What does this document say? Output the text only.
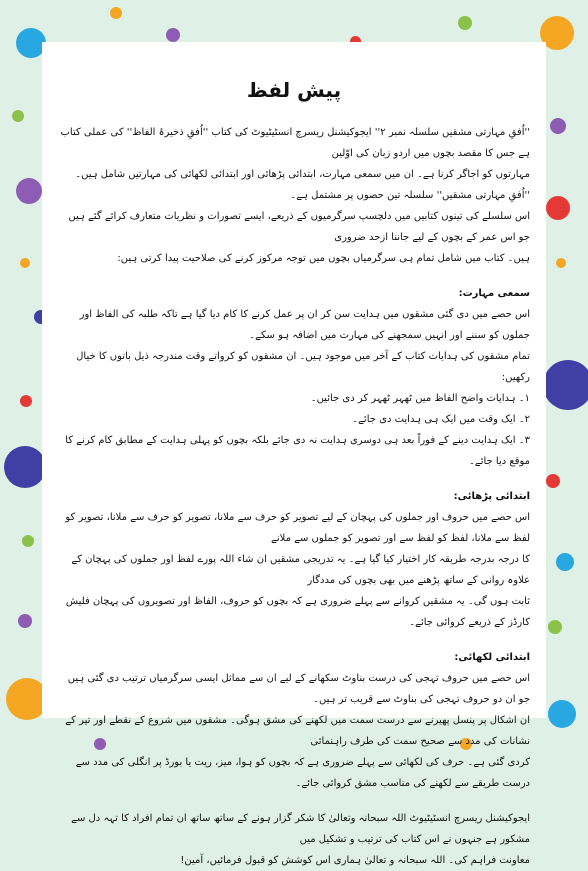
پیش لفظ

''اُفقِ مہارتی مشقیں سلسلہ نمبر ۲'' ایجوکیشنل ریسرچ انسٹیٹیوٹ کی کتاب ''اُفقِ ذخیرۂ الفاظ'' کی عملی کتاب ہے جس کا مقصد بچوں میں اردو زبان کی اوّلین

مہارتوں کو اجاگر کرنا ہے۔ ان میں سمعی مہارت، ابتدائی پڑھائی اور ابتدائی لکھائی کی مہارتیں شامل ہیں۔ ''اُفقِ مہارتی مشقیں'' سلسلہ تین حصوں پر مشتمل ہے۔

اس سلسلے کی تینوں کتابیں میں دلچسپ سرگرمیوں کے ذریعے، ایسے تصورات و نظریات متعارف کرائے گئے ہیں جو اس عمر کے بچوں کے لیے جاننا ازحد ضروری

ہیں۔ کتاب میں شامل تمام ہی سرگرمیاں بچوں میں توجہ مرکوز کرنے کی صلاحیت پیدا کرتی ہیں:

سمعی مہارت:

اس حصے میں دی گئی مشقوں میں ہدایت سن کر ان پر عمل کرنے کا کام دیا گیا ہے تاکہ طلبہ کی الفاظ اور جملوں کو سننے اور انہیں سمجھنے کی مہارت میں اضافہ ہو سکے۔

تمام مشقوں کی ہدایات کتاب کے آخر میں موجود ہیں۔ ان مشقوں کو کرواتے وقت مندرجہ ذیل باتوں کا خیال رکھیں:

۱۔ ہدایات واضح الفاظ میں ٹھہر ٹھہر کر دی جائیں۔

۲۔ ایک وقت میں ایک ہی ہدایت دی جائے۔

۳۔ ایک ہدایت دینے کے فوراً بعد ہی دوسری ہدایت نہ دی جائے بلکہ بچوں کو پہلی ہدایت کے مطابق کام کرنے کا موقع دیا جائے۔

ابتدائی پڑھائی:

اس حصے میں حروف اور جملوں کی پہچان کے لیے تصویر کو حرف سے ملانا، تصویر کو حرف سے ملانا، تصویر کو لفظ سے ملانا، لفظ کو لفظ سے اور تصویر کو جملوں سے ملانے

کا درجہ بدرجہ طریقہ کار اختیار کیا گیا ہے۔ یہ تدریجی مشقیں ان شاء اللہ پورے لفظ اور جملوں کی پہچان کے علاوہ روانی کے ساتھ پڑھنے میں بھی بچوں کی مددگار

ثابت ہوں گی۔ یہ مشقیں کروانے سے پہلے ضروری ہے کہ بچوں کو حروف، الفاظ اور تصویروں کی پہچان فلیش کارڈز کے ذریعے کروائی جائے۔

ابتدائی لکھائی:

اس حصے میں حروف تہجی کی درست بناوٹ سکھانے کے لیے ان سے مماثل ایسی سرگرمیاں ترتیب دی گئی ہیں جو ان دو حروف تہجی کی بناوٹ سے قریب تر ہیں۔

ان اشکال پر پنسل پھیرنے سے درست سمت میں لکھنے کی مشق ہوگی۔ مشقوں میں شروع کے نقطے اور تیر کے نشانات کی مدد سے صحیح سمت کی طرف راہنمائی

کردی گئی ہے۔ حرف کی لکھائی سے پہلے ضروری ہے کہ بچوں کو ہوا، میز، ریت یا بورڈ پر انگلی کی مدد سے درست طریقے سے لکھنے کی مناسب مشق کروائی جائے۔

ایجوکیشنل ریسرچ انسٹیٹیوٹ اللہ سبحانہ وتعالیٰ کا شکر گزار ہونے کے ساتھ ساتھ ان تمام افراد کا تہہ دل سے مشکور ہے جنہوں نے اس کتاب کی ترتیب و تشکیل میں

معاونت فراہم کی۔ اللہ سبحانہ و تعالیٰ ہماری اس کوشش کو قبول فرمائیں، آمین!
